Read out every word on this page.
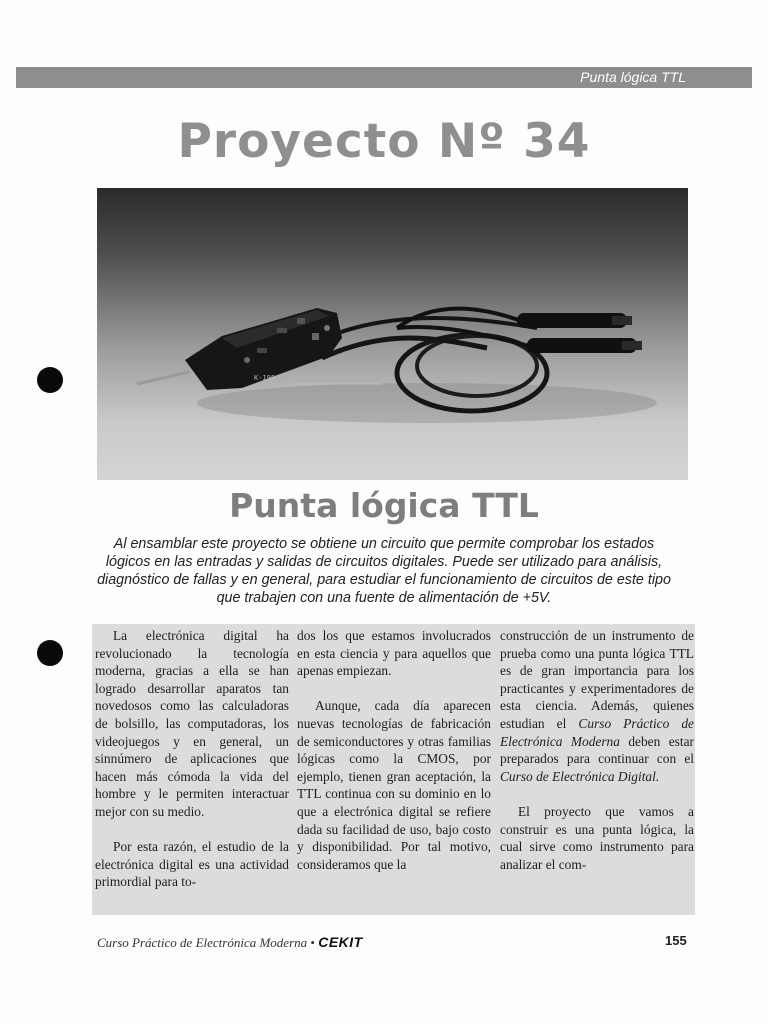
Punta lógica TTL
Proyecto Nº 34
K-198
Punta lógica TTL
Al ensamblar este proyecto se obtiene un circuito que permite comprobar los estados lógicos en las entradas y salidas de circuitos digitales. Puede ser utilizado para análisis, diagnóstico de fallas y en general, para estudiar el funcionamiento de circuitos de este tipo que trabajen con una fuente de alimentación de +5V.

La electrónica digital ha revolucionado la tecnología moderna, gracias a ella se han logrado desarrollar aparatos tan novedosos como las calculadoras de bolsillo, las computadoras, los videojuegos y en general, un sinnúmero de aplicaciones que hacen más cómoda la vida del hombre y le permiten interactuar mejor con su medio.

Por esta razón, el estudio de la electrónica digital es una actividad primordial para to-

dos los que estamos involucrados en esta ciencia y para aquellos que apenas empiezan.

Aunque, cada día aparecen nuevas tecnologías de fabricación de semiconductores y otras familias lógicas como la CMOS, por ejemplo, tienen gran aceptación, la TTL continua con su dominio en lo que a electrónica digital se refiere dada su facilidad de uso, bajo costo y disponibilidad. Por tal motivo, consideramos que la

construcción de un instrumento de prueba como una punta lógica TTL es de gran importancia para los practicantes y experimentadores de esta ciencia. Además, quienes estudian el Curso Práctico de Electrónica Moderna deben estar preparados para continuar con el Curso de Electrónica Digital.

El proyecto que vamos a construir es una punta lógica, la cual sirve como instrumento para analizar el com-

Curso Práctico de Electrónica Moderna • CEKIT	155
